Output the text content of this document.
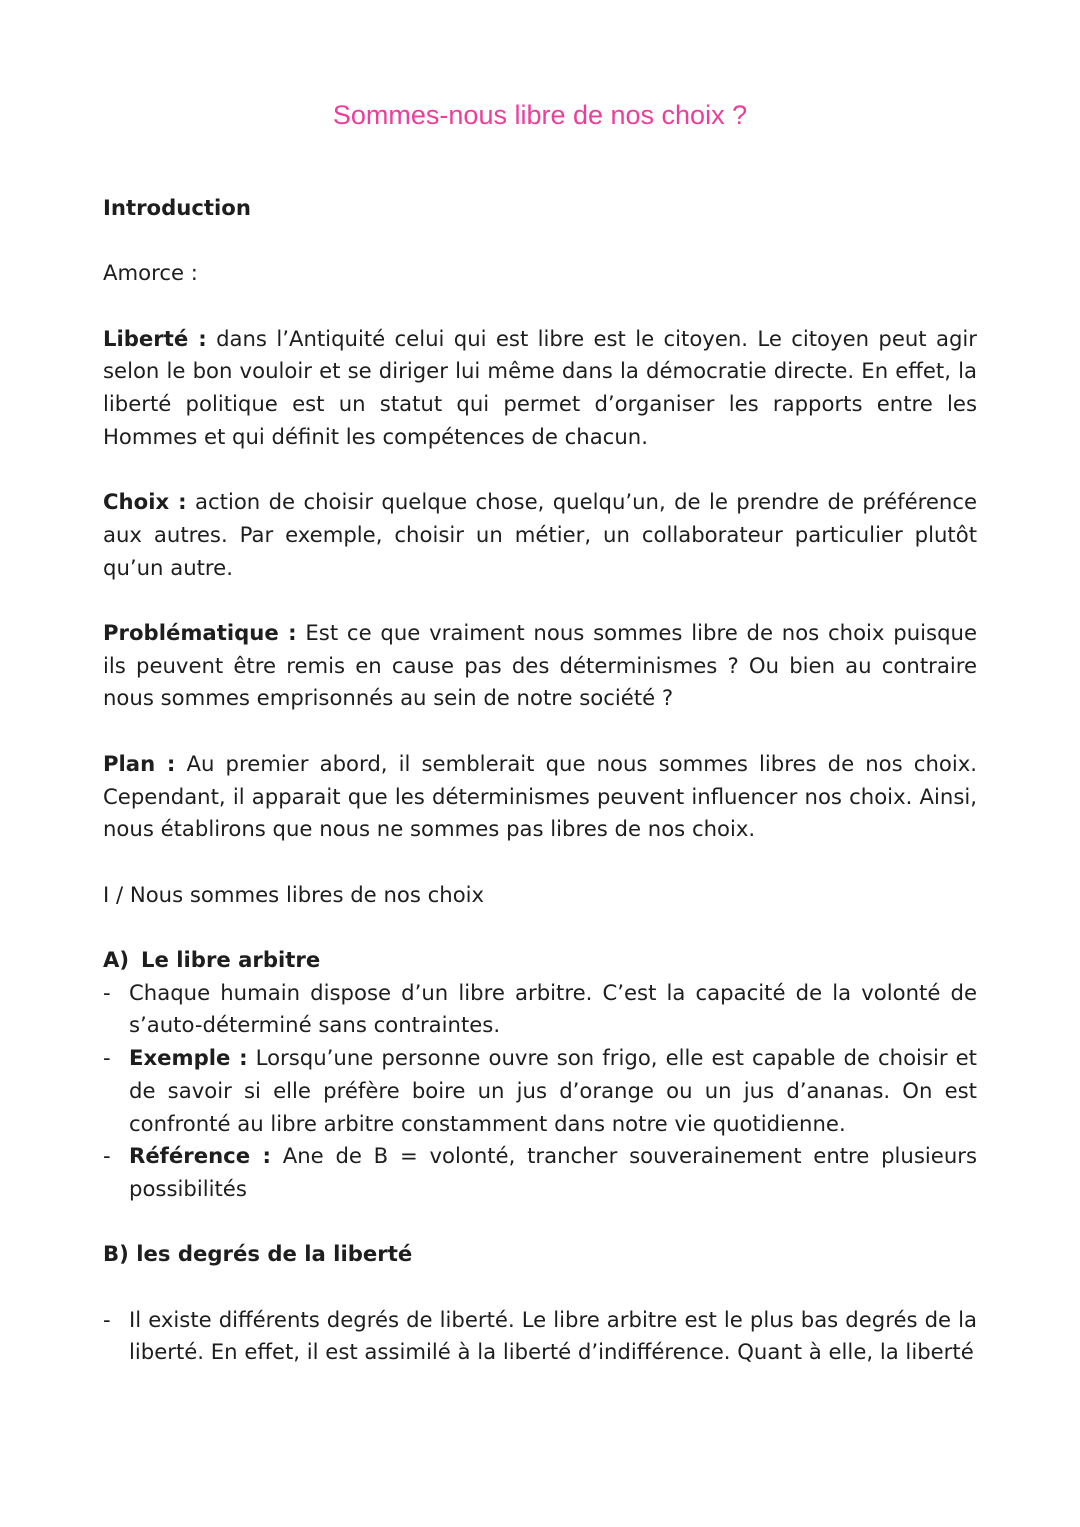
Sommes-nous libre de nos choix ?

Introduction

Amorce :

Liberté : dans l’Antiquité celui qui est libre est le citoyen. Le citoyen peut agir selon le bon vouloir et se diriger lui même dans la démocratie directe. En effet, la liberté politique est un statut qui permet d’organiser les rapports entre les Hommes et qui définit les compétences de chacun.

Choix : action de choisir quelque chose, quelqu’un, de le prendre de préférence aux autres. Par exemple, choisir un métier, un collaborateur particulier plutôt qu’un autre.

Problématique : Est ce que vraiment nous sommes libre de nos choix puisque ils peuvent être remis en cause pas des déterminismes ? Ou bien au contraire nous sommes emprisonnés au sein de notre société ?

Plan : Au premier abord, il semblerait que nous sommes libres de nos choix. Cependant, il apparait que les déterminismes peuvent influencer nos choix. Ainsi, nous établirons que nous ne sommes pas libres de nos choix.

I / Nous sommes libres de nos choix

A) Le libre arbitre

- Chaque humain dispose d’un libre arbitre. C’est la capacité de la volonté de s’auto-déterminé sans contraintes.
- Exemple : Lorsqu’une personne ouvre son frigo, elle est capable de choisir et de savoir si elle préfère boire un jus d’orange ou un jus d’ananas. On est confronté au libre arbitre constamment dans notre vie quotidienne.
- Référence : Ane de B = volonté, trancher souverainement entre plusieurs possibilités

B) les degrés de la liberté

- Il existe différents degrés de liberté. Le libre arbitre est le plus bas degrés de la liberté. En effet, il est assimilé à la liberté d’indifférence. Quant à elle, la liberté
